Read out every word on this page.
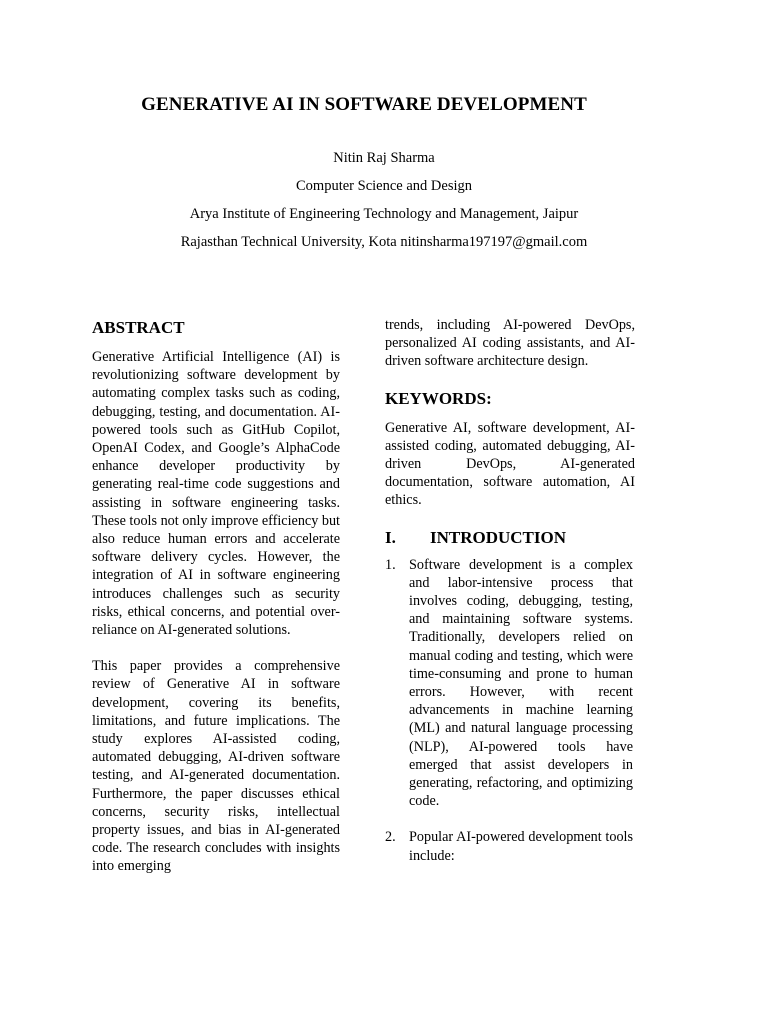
GENERATIVE AI IN SOFTWARE DEVELOPMENT
Nitin Raj Sharma
Computer Science and Design
Arya Institute of Engineering Technology and Management, Jaipur
Rajasthan Technical University, Kota nitinsharma197197@gmail.com
ABSTRACT

Generative Artificial Intelligence (AI) is revolutionizing software development by automating complex tasks such as coding, debugging, testing, and documentation. AI-powered tools such as GitHub Copilot, OpenAI Codex, and Google’s AlphaCode enhance developer productivity by generating real-time code suggestions and assisting in software engineering tasks. These tools not only improve efficiency but also reduce human errors and accelerate software delivery cycles. However, the integration of AI in software engineering introduces challenges such as security risks, ethical concerns, and potential over-reliance on AI-generated solutions.

This paper provides a comprehensive review of Generative AI in software development, covering its benefits, limitations, and future implications. The study explores AI-assisted coding, automated debugging, AI-driven software testing, and AI-generated documentation. Furthermore, the paper discusses ethical concerns, security risks, intellectual property issues, and bias in AI-generated code. The research concludes with insights into emerging

trends, including AI-powered DevOps, personalized AI coding assistants, and AI-driven software architecture design.

KEYWORDS:

Generative AI, software development, AI-assisted coding, automated debugging, AI-driven DevOps, AI-generated documentation, software automation, AI ethics.

I.	INTRODUCTION
1. Software development is a complex and labor-intensive process that involves coding, debugging, testing, and maintaining software systems. Traditionally, developers relied on manual coding and testing, which were time-consuming and prone to human errors. However, with recent advancements in machine learning (ML) and natural language processing (NLP), AI-powered tools have emerged that assist developers in generating, refactoring, and optimizing code.
2. Popular AI-powered development tools include:
